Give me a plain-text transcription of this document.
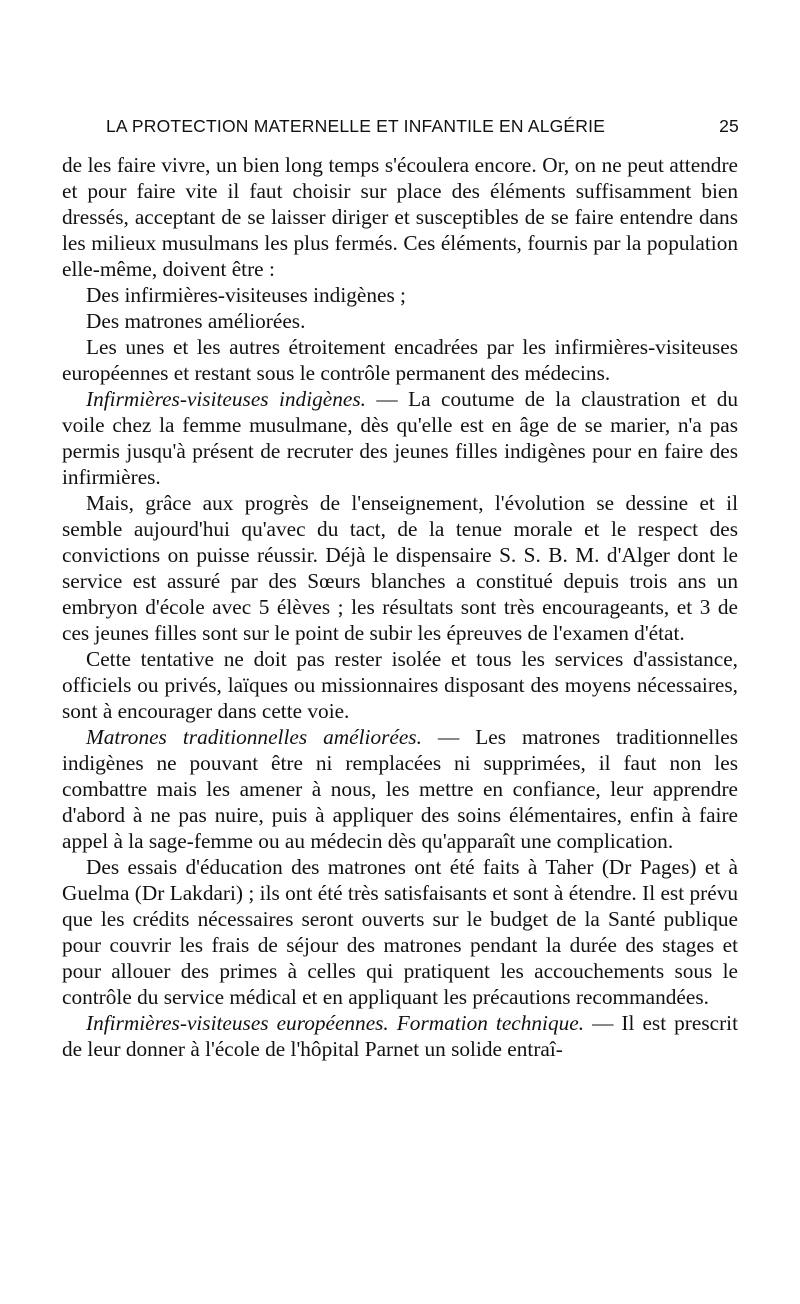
LA PROTECTION MATERNELLE ET INFANTILE EN ALGÉRIE	25

de les faire vivre, un bien long temps s'écoulera encore. Or, on ne peut attendre et pour faire vite il faut choisir sur place des éléments suffisamment bien dressés, acceptant de se laisser diriger et susceptibles de se faire entendre dans les milieux musulmans les plus fermés. Ces éléments, fournis par la population elle-même, doivent être :

Des infirmières-visiteuses indigènes ;

Des matrones améliorées.

Les unes et les autres étroitement encadrées par les infirmières-visiteuses européennes et restant sous le contrôle permanent des médecins.

Infirmières-visiteuses indigènes. — La coutume de la claustration et du voile chez la femme musulmane, dès qu'elle est en âge de se marier, n'a pas permis jusqu'à présent de recruter des jeunes filles indigènes pour en faire des infirmières.

Mais, grâce aux progrès de l'enseignement, l'évolution se dessine et il semble aujourd'hui qu'avec du tact, de la tenue morale et le respect des convictions on puisse réussir. Déjà le dispensaire S. S. B. M. d'Alger dont le service est assuré par des Sœurs blanches a constitué depuis trois ans un embryon d'école avec 5 élèves ; les résultats sont très encourageants, et 3 de ces jeunes filles sont sur le point de subir les épreuves de l'examen d'état.

Cette tentative ne doit pas rester isolée et tous les services d'assistance, officiels ou privés, laïques ou missionnaires disposant des moyens nécessaires, sont à encourager dans cette voie.

Matrones traditionnelles améliorées. — Les matrones traditionnelles indigènes ne pouvant être ni remplacées ni supprimées, il faut non les combattre mais les amener à nous, les mettre en confiance, leur apprendre d'abord à ne pas nuire, puis à appliquer des soins élémentaires, enfin à faire appel à la sage-femme ou au médecin dès qu'apparaît une complication.

Des essais d'éducation des matrones ont été faits à Taher (Dr Pages) et à Guelma (Dr Lakdari) ; ils ont été très satisfaisants et sont à étendre. Il est prévu que les crédits nécessaires seront ouverts sur le budget de la Santé publique pour couvrir les frais de séjour des matrones pendant la durée des stages et pour allouer des primes à celles qui pratiquent les accouchements sous le contrôle du service médical et en appliquant les précautions recommandées.

Infirmières-visiteuses européennes. Formation technique. — Il est prescrit de leur donner à l'école de l'hôpital Parnet un solide entraî-
